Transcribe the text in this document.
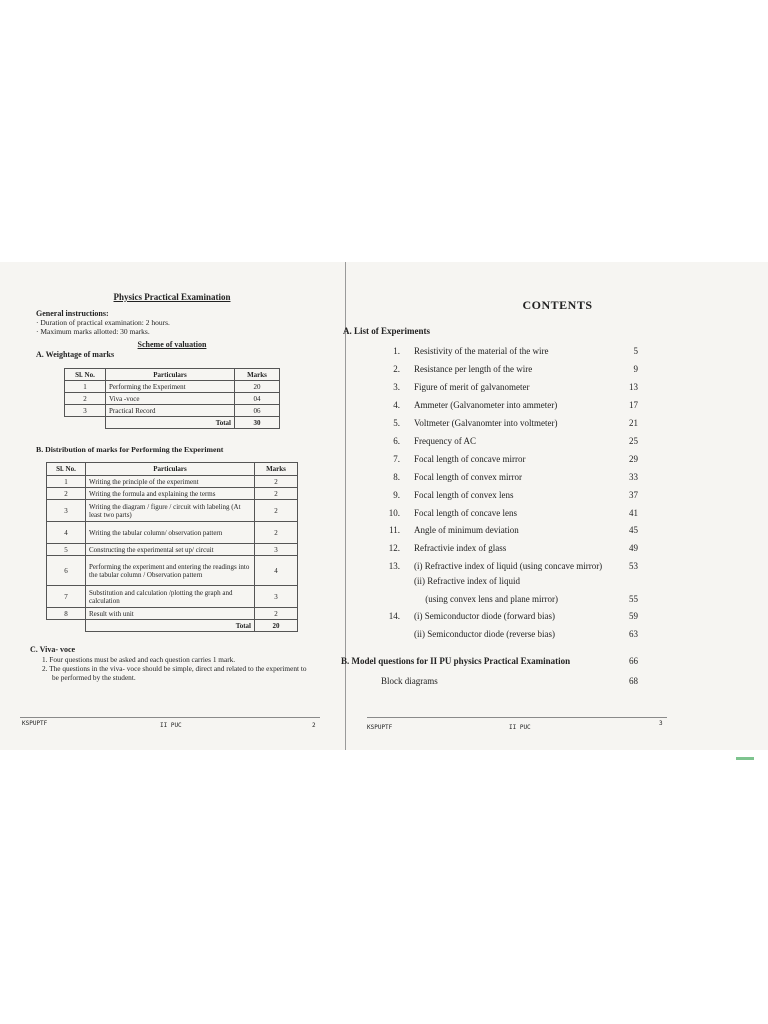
Physics Practical Examination
General instructions:
· Duration of practical examination: 2 hours.
· Maximum marks allotted: 30 marks.
Scheme of valuation
A. Weightage of marks
Sl. No.	Particulars	Marks
1	Performing the Experiment	20
2	Viva -voce	04
3	Practical Record	06
	Total	30
B. Distribution of marks for Performing the Experiment
Sl. No.	Particulars	Marks
1	Writing the principle of the experiment	2
2	Writing the formula and explaining the terms	2
3	Writing the diagram / figure / circuit with labeling (At least two parts)	2
4	Writing the tabular column/ observation pattern	2
5	Constructing the experimental set up/ circuit	3
6	Performing the experiment and entering the readings into the tabular column / Observation pattern	4
7	Substitution and calculation /plotting the graph and calculation	3
8	Result with unit	2
	Total	20
C. Viva- voce
1. Four questions must be asked and each question carries 1 mark.
2. The questions in the viva- voce should be simple, direct and related to the experiment to be performed by the student.
KSPUPTF	II PUC	2
CONTENTS
A. List of Experiments
1. Resistivity of the material of the wire	5
2. Resistance per length of the wire	9
3. Figure of merit of galvanometer	13
4. Ammeter (Galvanometer into ammeter)	17
5. Voltmeter (Galvanomter into voltmeter)	21
6. Frequency of AC	25
7. Focal length of concave mirror	29
8. Focal length of convex mirror	33
9. Focal length of convex lens	37
10. Focal length of concave lens	41
11. Angle of minimum deviation	45
12. Refractivie index of glass	49
13. (i) Refractive index of liquid (using concave mirror)	53
(ii) Refractive index of liquid
(using convex lens and plane mirror)	55
14. (i) Semiconductor diode (forward bias)	59
(ii) Semiconductor diode (reverse bias)	63
B. Model questions for II PU physics Practical Examination	66
Block diagrams	68
KSPUPTF	II PUC
3
